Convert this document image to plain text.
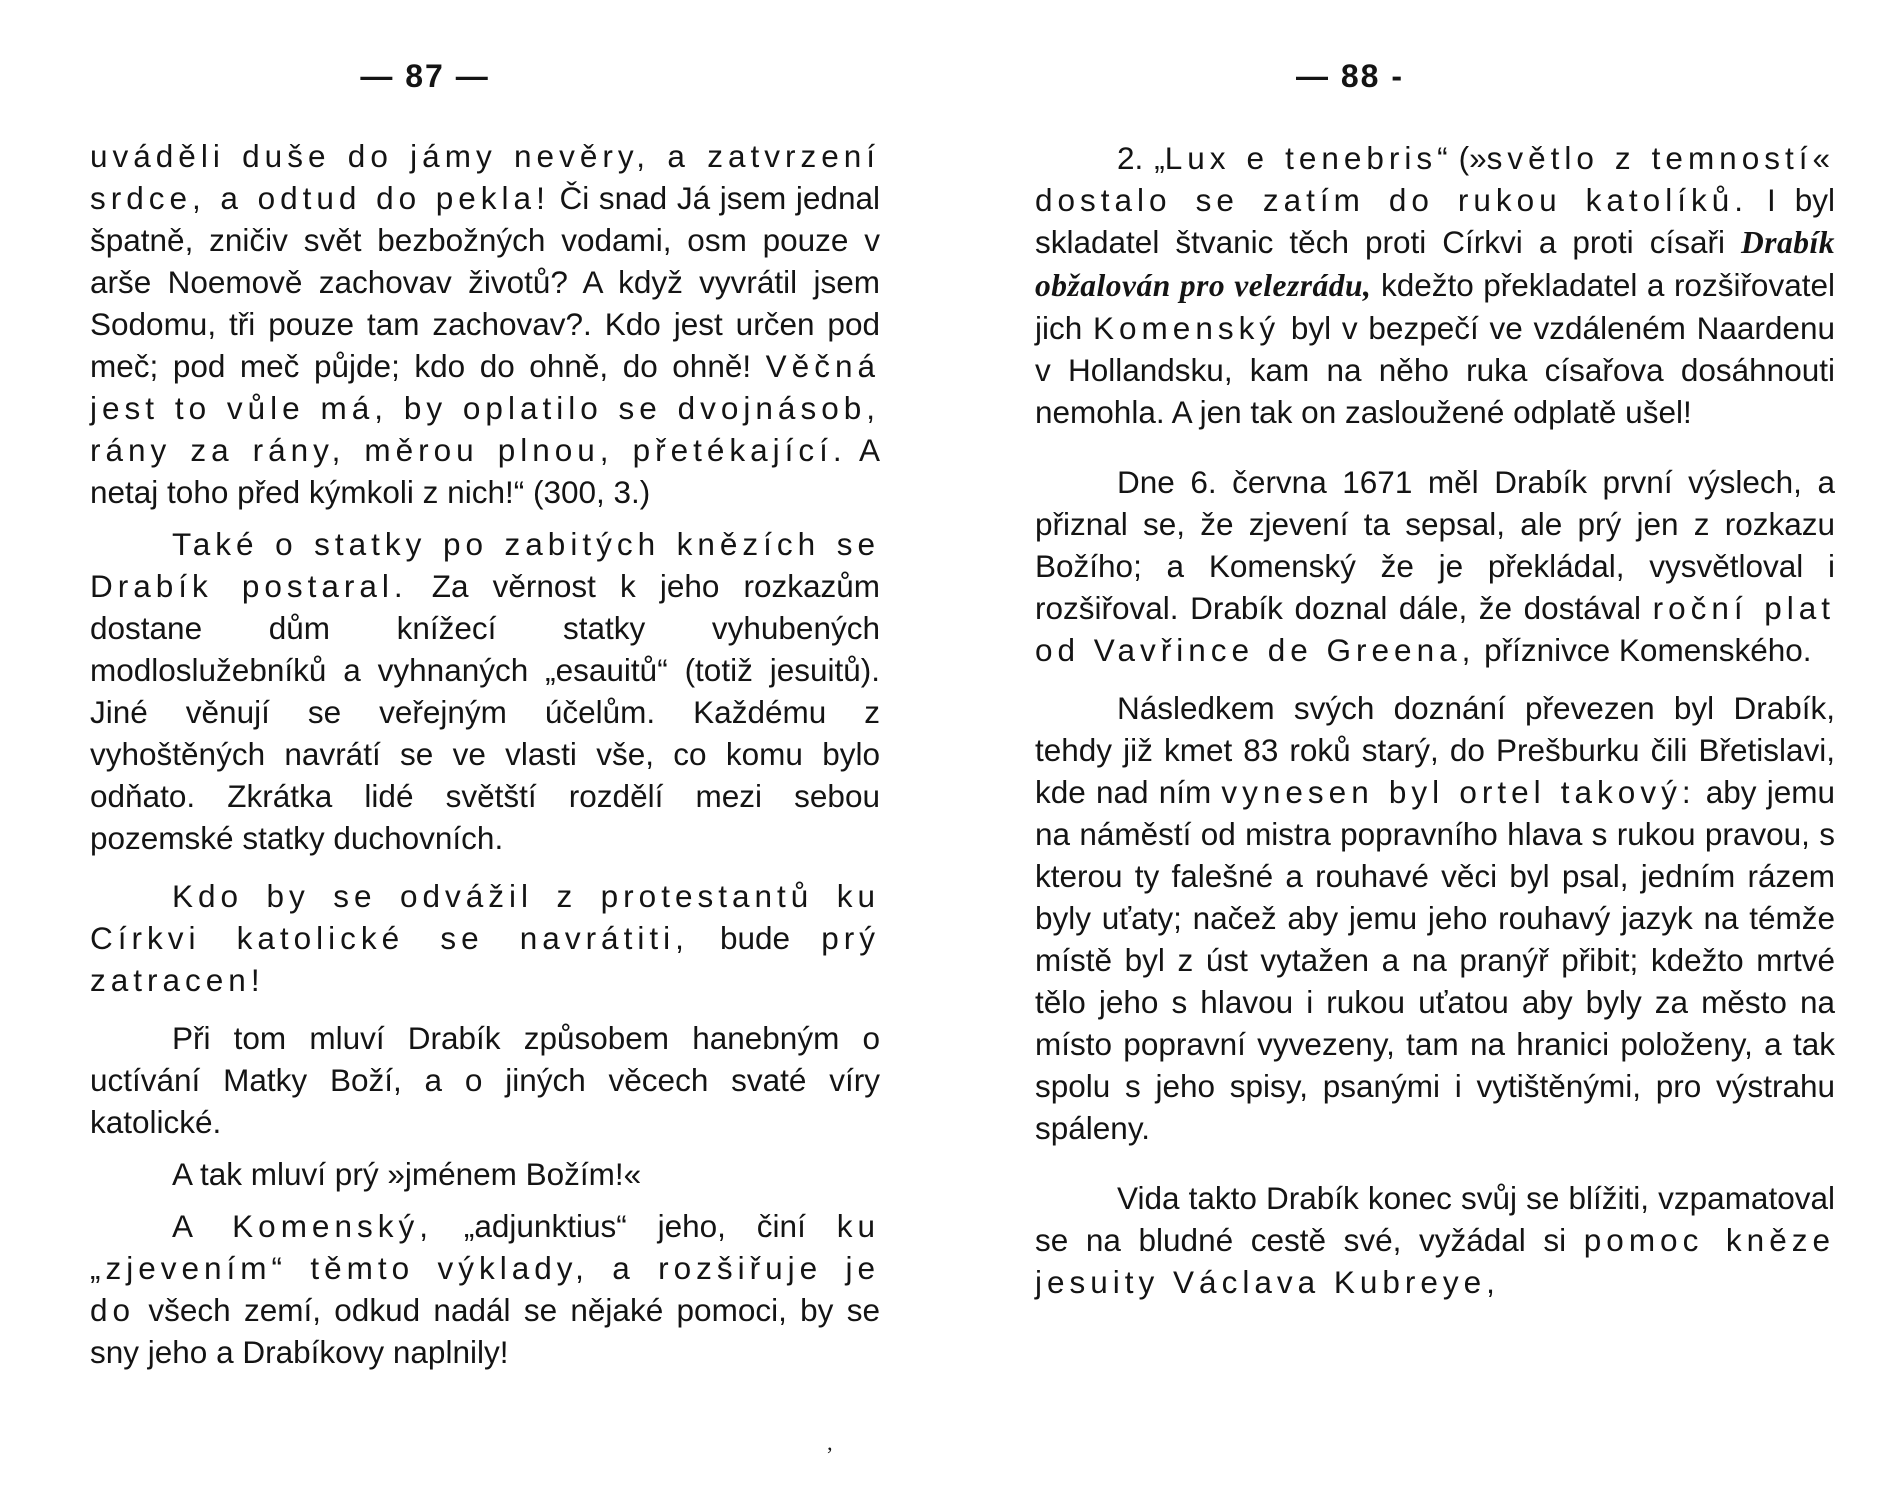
— 87 —

uváděli duše do jámy nevěry, a zatvrzení srdce, a odtud do pekla! Či snad Já jsem jednal špatně, zničiv svět bezbožných vodami, osm pouze v arše Noemově zachovav životů? A když vyvrátil jsem Sodomu, tři pouze tam zachovav?. Kdo jest určen pod meč; pod meč půjde; kdo do ohně, do ohně! Věčná jest to vůle má, by oplatilo se dvojnásob, rány za rány, měrou plnou, přetékající. A netaj toho před kýmkoli z nich!“ (300, 3.)

Také o statky po zabitých knězích se Drabík postaral. Za věrnost k jeho rozkazům dostane dům knížecí statky vyhubených modloslužebníků a vyhnaných „esauitů“ (totiž jesuitů). Jiné věnují se veřejným účelům. Každému z vyhoštěných navrátí se ve vlasti vše, co komu bylo odňato. Zkrátka lidé světští rozdělí mezi sebou pozemské statky duchovních.

Kdo by se odvážil z protestantů ku Církvi katolické se navrátiti, bude prý zatracen!

Při tom mluví Drabík způsobem hanebným o uctívání Matky Boží, a o jiných věcech svaté víry katolické.

A tak mluví prý »jménem Božím!«

A Komenský, „adjunktius“ jeho, činí ku „zjevením“ těmto výklady, a rozšiřuje je do všech zemí, odkud nadál se nějaké pomoci, by se sny jeho a Drabíkovy naplnily!

— 88 -

2. „Lux e tenebris“ (»světlo z temností« dostalo se zatím do rukou katolíků. I byl skladatel štvanic těch proti Církvi a proti císaři Drabík obžalován pro velezrádu, kdežto překladatel a rozšiřovatel jich Komenský byl v bezpečí ve vzdáleném Naardenu v Hollandsku, kam na něho ruka císařova dosáhnouti nemohla. A jen tak on zasloužené odplatě ušel!

Dne 6. června 1671 měl Drabík první výslech, a přiznal se, že zjevení ta sepsal, ale prý jen z rozkazu Božího; a Komenský že je překládal, vysvětloval i rozšiřoval. Drabík doznal dále, že dostával roční plat od Vavřince de Greena, příznivce Komenského.

Následkem svých doznání převezen byl Drabík, tehdy již kmet 83 roků starý, do Prešburku čili Břetislavi, kde nad ním vynesen byl ortel takový: aby jemu na náměstí od mistra popravního hlava s rukou pravou, s kterou ty falešné a rouhavé věci byl psal, jedním rázem byly uťaty; načež aby jemu jeho rouhavý jazyk na témže místě byl z úst vytažen a na pranýř přibit; kdežto mrtvé tělo jeho s hlavou i rukou uťatou aby byly za město na místo popravní vyvezeny, tam na hranici položeny, a tak spolu s jeho spisy, psanými i vytištěnými, pro výstrahu spáleny.

Vida takto Drabík konec svůj se blížiti, vzpamatoval se na bludné cestě své, vyžádal si pomoc kněze jesuity Václava Kubreye,

‚
